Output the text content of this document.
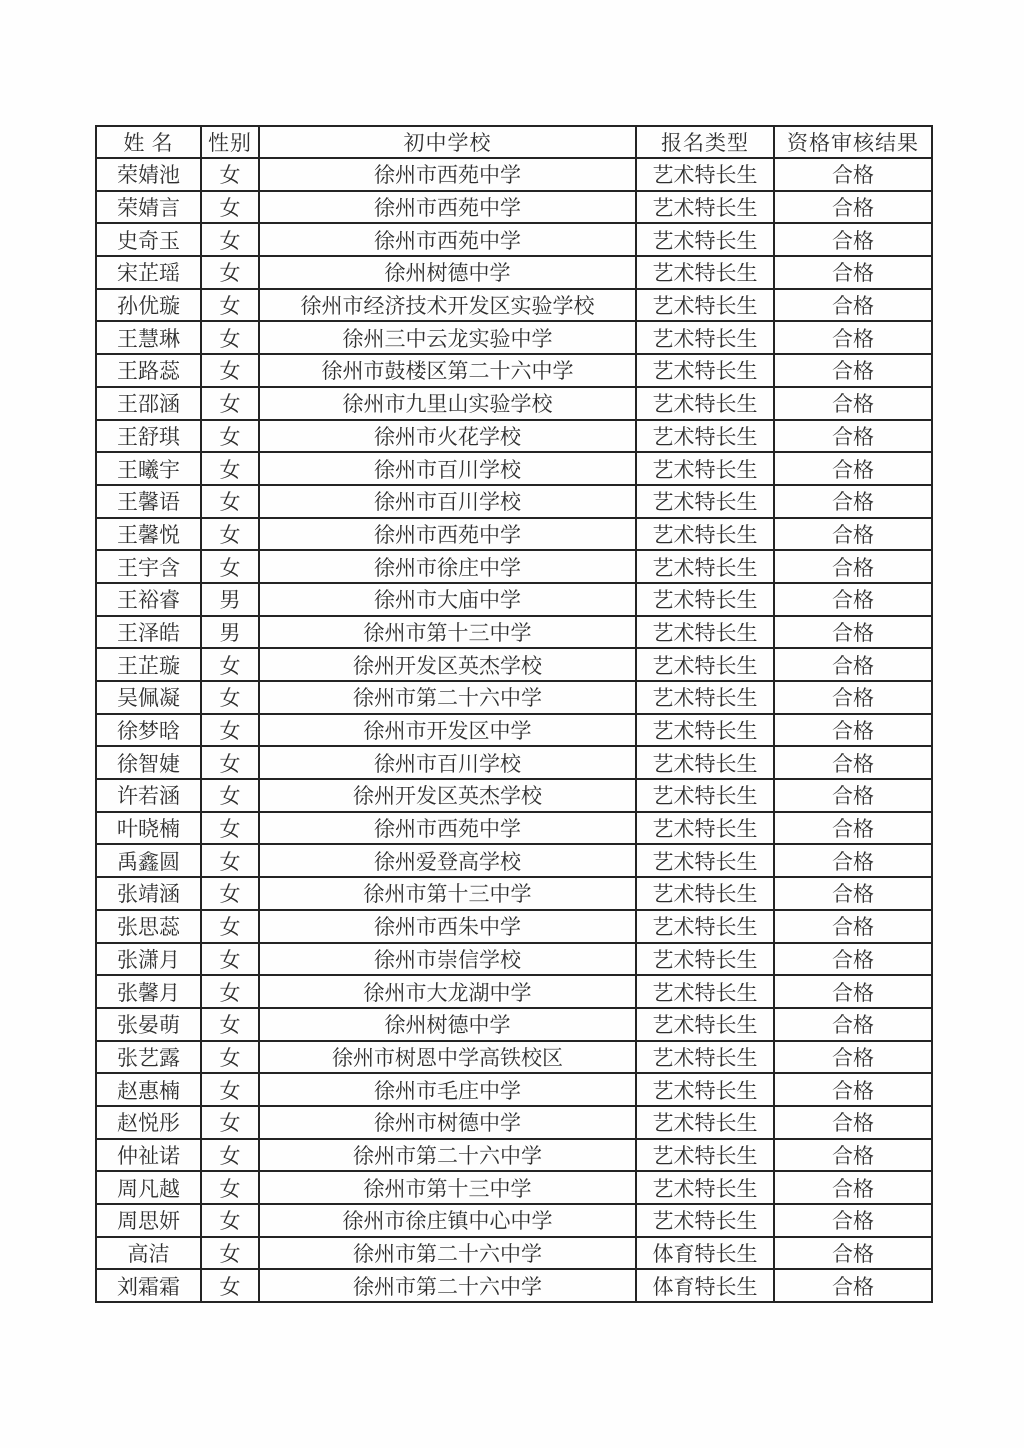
姓 名	性别	初中学校	报名类型	资格审核结果
荣婧池	女	徐州市西苑中学	艺术特长生	合格
荣婧言	女	徐州市西苑中学	艺术特长生	合格
史奇玉	女	徐州市西苑中学	艺术特长生	合格
宋芷瑶	女	徐州树德中学	艺术特长生	合格
孙优璇	女	徐州市经济技术开发区实验学校	艺术特长生	合格
王慧琳	女	徐州三中云龙实验中学	艺术特长生	合格
王路蕊	女	徐州市鼓楼区第二十六中学	艺术特长生	合格
王邵涵	女	徐州市九里山实验学校	艺术特长生	合格
王舒琪	女	徐州市火花学校	艺术特长生	合格
王曦宇	女	徐州市百川学校	艺术特长生	合格
王馨语	女	徐州市百川学校	艺术特长生	合格
王馨悦	女	徐州市西苑中学	艺术特长生	合格
王宇含	女	徐州市徐庄中学	艺术特长生	合格
王裕睿	男	徐州市大庙中学	艺术特长生	合格
王泽皓	男	徐州市第十三中学	艺术特长生	合格
王芷璇	女	徐州开发区英杰学校	艺术特长生	合格
吴佩凝	女	徐州市第二十六中学	艺术特长生	合格
徐梦晗	女	徐州市开发区中学	艺术特长生	合格
徐智婕	女	徐州市百川学校	艺术特长生	合格
许若涵	女	徐州开发区英杰学校	艺术特长生	合格
叶晓楠	女	徐州市西苑中学	艺术特长生	合格
禹鑫圆	女	徐州爱登高学校	艺术特长生	合格
张靖涵	女	徐州市第十三中学	艺术特长生	合格
张思蕊	女	徐州市西朱中学	艺术特长生	合格
张潇月	女	徐州市崇信学校	艺术特长生	合格
张馨月	女	徐州市大龙湖中学	艺术特长生	合格
张晏萌	女	徐州树德中学	艺术特长生	合格
张艺露	女	徐州市树恩中学高铁校区	艺术特长生	合格
赵惠楠	女	徐州市毛庄中学	艺术特长生	合格
赵悦彤	女	徐州市树德中学	艺术特长生	合格
仲祉诺	女	徐州市第二十六中学	艺术特长生	合格
周凡越	女	徐州市第十三中学	艺术特长生	合格
周思妍	女	徐州市徐庄镇中心中学	艺术特长生	合格
高洁	女	徐州市第二十六中学	体育特长生	合格
刘霜霜	女	徐州市第二十六中学	体育特长生	合格
